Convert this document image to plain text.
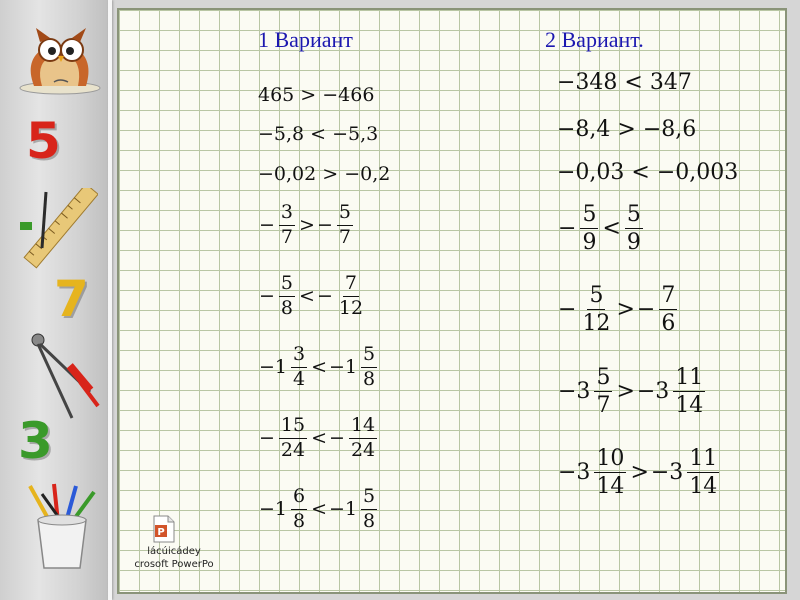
5
7
3
1 Вариант	2 Вариант.
465 > −466
−5,8 < −5,3
−0,02 > −0,2
− $\frac{3}{7}$ > − $\frac{5}{7}$
− $\frac{5}{8}$ < − $\frac{7}{12}$
$-1 \frac{3}{4} < -1 \frac{5}{8}$
− $\frac{15}{24}$ < − $\frac{14}{24}$
$-1 \frac{6}{8} < -1 \frac{5}{8}$
−348 < 347
−8,4 > −8,6
−0,03 < −0,003
− $\frac{5}{9} < \frac{5}{9}$
− $\frac{5}{12}$ > − $\frac{7}{6}$
$-3 \frac{5}{7} > -3 \frac{11}{14}$
$-3 \frac{10}{14} > -3 \frac{11}{14}$
P
lácúicádey
crosoft PowerPo
